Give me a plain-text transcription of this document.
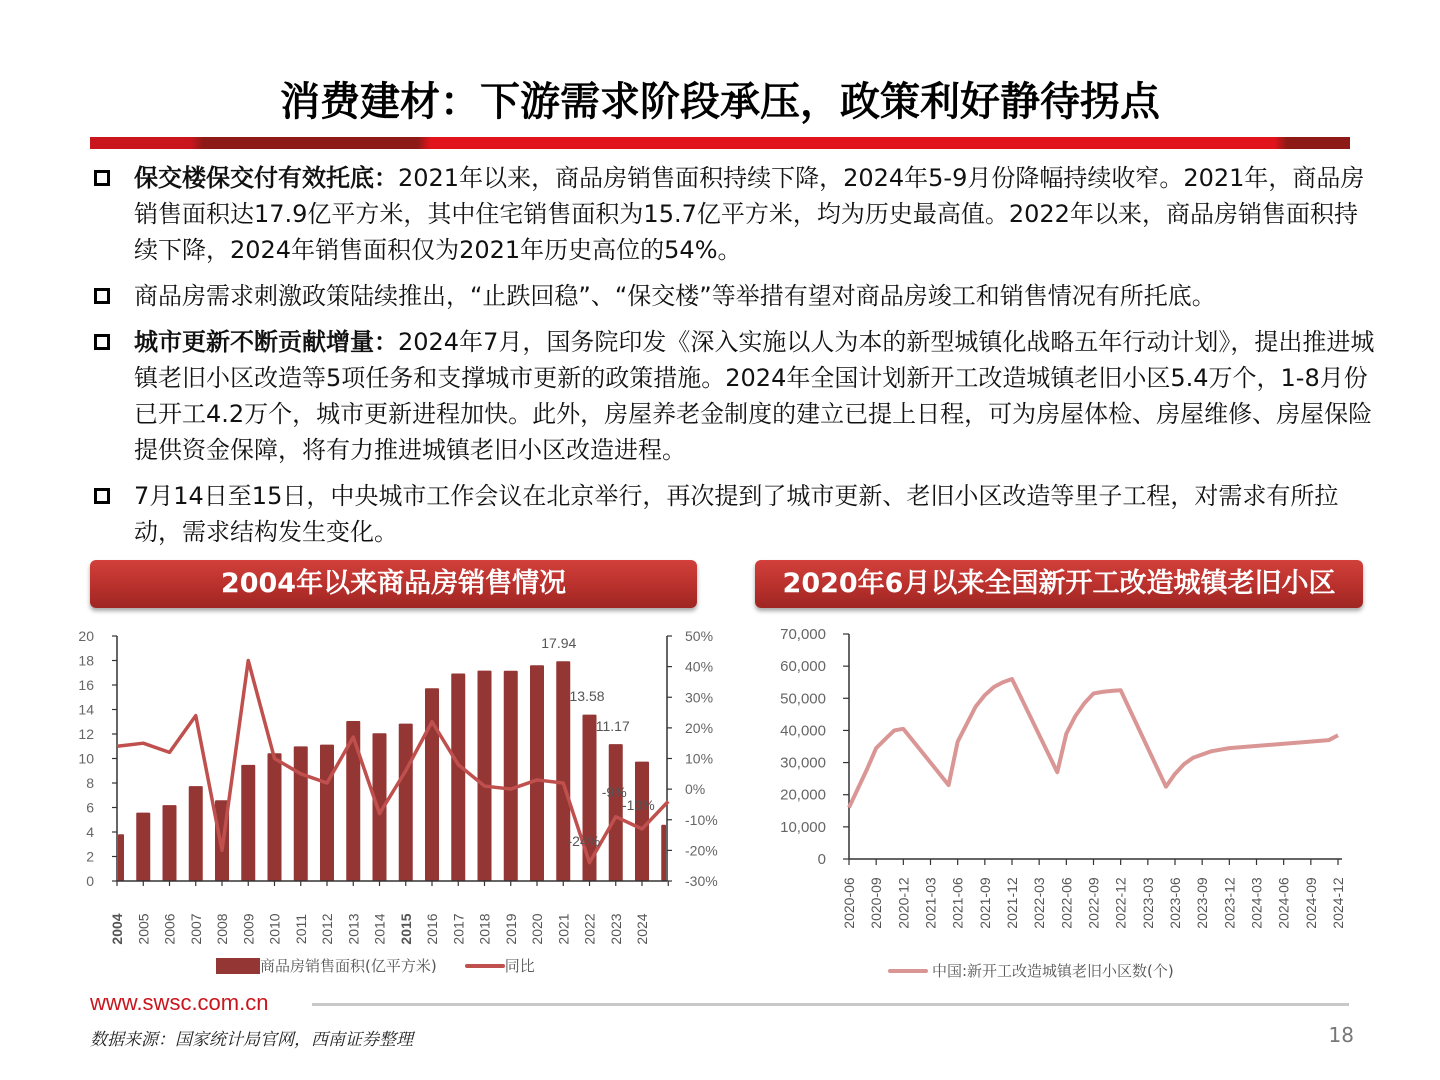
消费建材：下游需求阶段承压，政策利好静待拐点
保交楼保交付有效托底：2021年以来，商品房销售面积持续下降，2024年5-9月份降幅持续收窄。2021年，商品房销售面积达17.9亿平方米，其中住宅销售面积为15.7亿平方米，均为历史最高值。2022年以来，商品房销售面积持续下降，2024年销售面积仅为2021年历史高位的54%。
商品房需求刺激政策陆续推出，“止跌回稳”、“保交楼”等举措有望对商品房竣工和销售情况有所托底。
城市更新不断贡献增量：2024年7月，国务院印发《深入实施以人为本的新型城镇化战略五年行动计划》，提出推进城镇老旧小区改造等5项任务和支撑城市更新的政策措施。2024年全国计划新开工改造城镇老旧小区5.4万个，1-8月份已开工4.2万个，城市更新进程加快。此外，房屋养老金制度的建立已提上日程，可为房屋体检、房屋维修、房屋保险提供资金保障，将有力推进城镇老旧小区改造进程。
7月14日至15日，中央城市工作会议在北京举行，再次提到了城市更新、老旧小区改造等里子工程，对需求有所拉动，需求结构发生变化。
2004年以来商品房销售情况	2020年6月以来全国新开工改造城镇老旧小区
0
2
4
6
8
10
12
14
16
18
20
-30%
-20%
-10%
0%
10%
20%
30%
40%
50%
2004 2005 2006 2007 2008 2009 2010 2011 2012 2013 2014 2015 2016 2017 2018 2019 2020 2021 2022 2023 2024
17.94
13.58
11.17
-24%
-9%
-13%
0
10,000
20,000
30,000
40,000
50,000
60,000
70,000
2020-06 2020-09 2020-12 2021-03 2021-06 2021-09 2021-12 2022-03 2022-06 2022-09 2022-12 2023-03 2023-06 2023-09 2023-12 2024-03 2024-06 2024-09 2024-12
商品房销售面积(亿平方米)	同比	中国:新开工改造城镇老旧小区数(个)
www.swsc.com.cn
数据来源：国家统计局官网，西南证券整理	18
